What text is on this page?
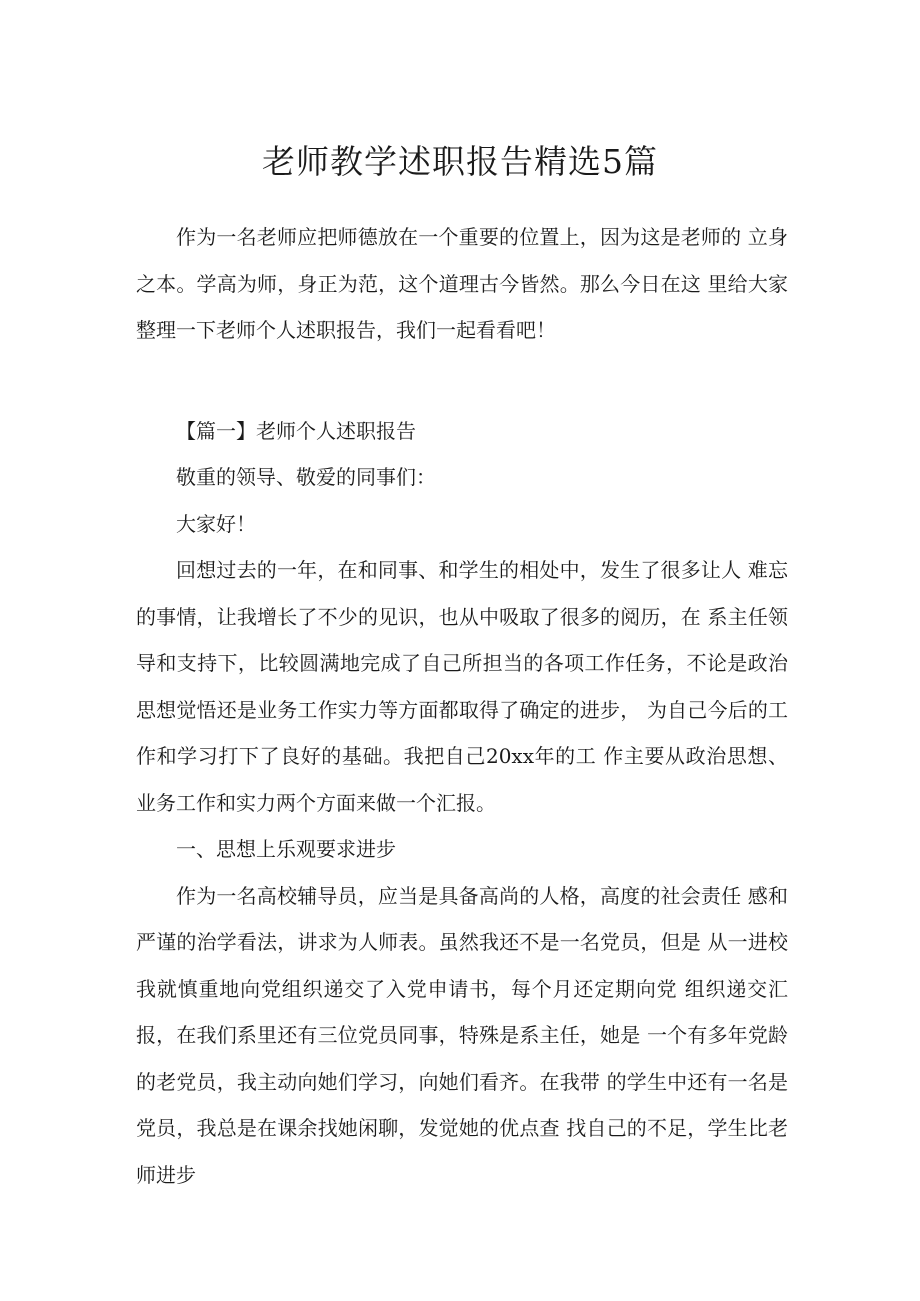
老师教学述职报告精选5篇

作为一名老师应把师德放在一个重要的位置上，因为这是老师的 立身之本。学高为师，身正为范，这个道理古今皆然。那么今日在这 里给大家整理一下老师个人述职报告，我们一起看看吧！

【篇一】老师个人述职报告

敬重的领导、敬爱的同事们：

大家好！

回想过去的一年，在和同事、和学生的相处中，发生了很多让人 难忘的事情，让我增长了不少的见识，也从中吸取了很多的阅历，在 系主任领导和支持下，比较圆满地完成了自己所担当的各项工作任务，不论是政治思想觉悟还是业务工作实力等方面都取得了确定的进步， 为自己今后的工作和学习打下了良好的基础。我把自己20xx年的工 作主要从政治思想、业务工作和实力两个方面来做一个汇报。

一、思想上乐观要求进步

作为一名高校辅导员，应当是具备高尚的人格，高度的社会责任 感和严谨的治学看法，讲求为人师表。虽然我还不是一名党员，但是 从一进校我就慎重地向党组织递交了入党申请书，每个月还定期向党 组织递交汇报，在我们系里还有三位党员同事，特殊是系主任，她是 一个有多年党龄的老党员，我主动向她们学习，向她们看齐。在我带 的学生中还有一名是党员，我总是在课余找她闲聊，发觉她的优点查 找自己的不足，学生比老师进步
